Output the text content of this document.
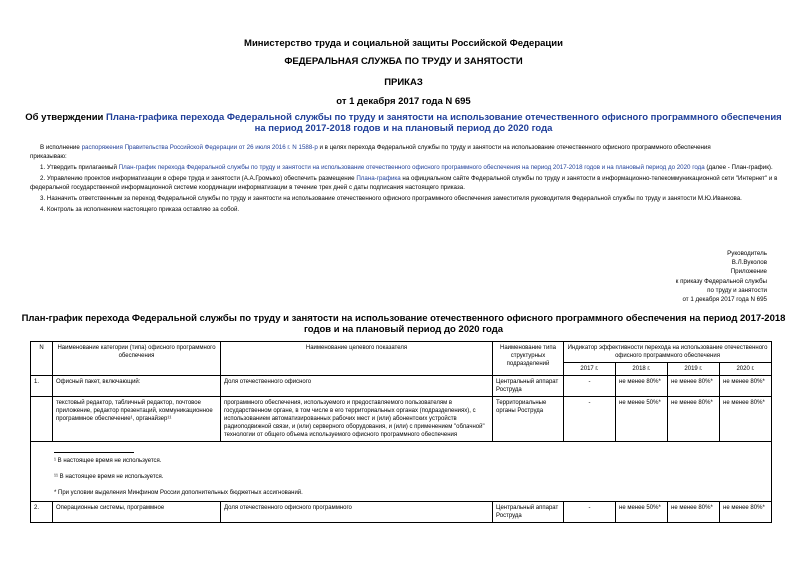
Министерство труда и социальной защиты Российской Федерации
ФЕДЕРАЛЬНАЯ СЛУЖБА ПО ТРУДУ И ЗАНЯТОСТИ
ПРИКАЗ
от 1 декабря 2017 года N 695
Об утверждении Плана-графика перехода Федеральной службы по труду и занятости на использование отечественного офисного программного обеспечения на период 2017-2018 годов и на плановый период до 2020 года

В исполнение распоряжения Правительства Российской Федерации от 26 июля 2016 г. N 1588-р и в целях перехода Федеральной службы по труду и занятости на использование отечественного офисного программного обеспечения

приказываю:

1. Утвердить прилагаемый План-график перехода Федеральной службы по труду и занятости на использование отечественного офисного программного обеспечения на период 2017-2018 годов и на плановый период до 2020 года (далее - План-график).

2. Управлению проектов информатизации в сфере труда и занятости (А.А.Громыко) обеспечить размещение Плана-графика на официальном сайте Федеральной службы по труду и занятости в информационно-телекоммуникационной сети "Интернет" и в федеральной государственной информационной системе координации информатизации в течение трех дней с даты подписания настоящего приказа.

3. Назначить ответственным за переход Федеральной службы по труду и занятости на использование отечественного офисного программного обеспечения заместителя руководителя Федеральной службы по труду и занятости М.Ю.Иванкова.

4. Контроль за исполнением настоящего приказа оставляю за собой.

Руководитель
В.Л.Вуколов
Приложение
к приказу Федеральной службы
по труду и занятости
от 1 декабря 2017 года N 695
План-график перехода Федеральной службы по труду и занятости на использование отечественного офисного программного обеспечения на период 2017-2018 годов и на плановый период до 2020 года
N	Наименование категории (типа) офисного программного обеспечения	Наименование целевого показателя	Наименование типа структурных подразделений	Индикатор эффективности перехода на использование отечественного офисного программного обеспечения			
				2017 г.	2018 г.	2019 г.	2020 г.
1.	Офисный пакет, включающий:	Доля отечественного офисного	Центральный аппарат Роструда	-	не менее 80%*	не менее 80%*	не менее 80%*
	текстовый редактор, табличный редактор, почтовое приложение, редактор презентаций, коммуникационное программное обеспечение¹, органайзер¹¹	программного обеспечения, используемого и предоставляемого пользователям в государственном органе, в том числе в его территориальных органах (подразделениях), с использованием автоматизированных рабочих мест и (или) абонентских устройств радиоподвижной связи, и (или) серверного оборудования, и (или) с применением "облачной" технологии от общего объема используемого офисного программного обеспечения	Территориальные органы Роструда	-	не менее 50%*	не менее 80%*	не менее 80%*

¹ В настоящее время не используется.
¹¹ В настоящее время не используется.
* При условии выделения Минфином России дополнительных бюджетных ассигнований.							

2.	Операционные системы, программное	Доля отечественного офисного программного	Центральный аппарат Роструда	-	не менее 50%*	не менее 80%*	не менее 80%*
